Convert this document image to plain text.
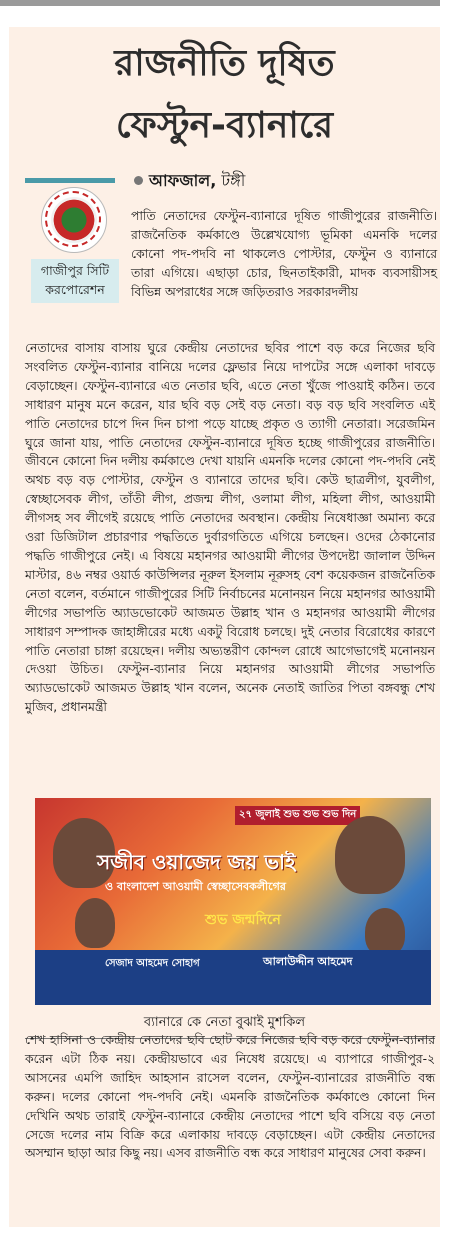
রাজনীতি দূষিত
ফেস্টুন-ব্যানারে
আফজাল, টঙ্গী
গাজীপুর সিটি করপোরেশন

পাতি নেতাদের ফেস্টুন-ব্যানারে দূষিত গাজীপুরের রাজনীতি। রাজনৈতিক কর্মকাণ্ডে উল্লেখযোগ্য ভূমিকা এমনকি দলের কোনো পদ-পদবি না থাকলেও পোস্টার, ফেস্টুন ও ব্যানারে তারা এগিয়ে। এছাড়া চোর, ছিনতাইকারী, মাদক ব্যবসায়ীসহ বিভিন্ন অপরাধের সঙ্গে জড়িতরাও সরকারদলীয়

নেতাদের বাসায় বাসায় ঘুরে কেন্দ্রীয় নেতাদের ছবির পাশে বড় করে নিজের ছবি সংবলিত ফেস্টুন-ব্যানার বানিয়ে দলের ফ্লেভার নিয়ে দাপটের সঙ্গে এলাকা দাবড়ে বেড়াচ্ছেন। ফেস্টুন-ব্যানারে এত নেতার ছবি, এতে নেতা খুঁজে পাওয়াই কঠিন। তবে সাধারণ মানুষ মনে করেন, যার ছবি বড় সেই বড় নেতা। বড় বড় ছবি সংবলিত এই পাতি নেতাদের চাপে দিন দিন চাপা পড়ে যাচ্ছে প্রকৃত ও ত্যাগী নেতারা। সরেজমিন ঘুরে জানা যায়, পাতি নেতাদের ফেস্টুন-ব্যানারে দূষিত হচ্ছে গাজীপুরের রাজনীতি। জীবনে কোনো দিন দলীয় কর্মকাণ্ডে দেখা যায়নি এমনকি দলের কোনো পদ-পদবি নেই অথচ বড় বড় পোস্টার, ফেস্টুন ও ব্যানারে তাদের ছবি। কেউ ছাত্রলীগ, যুবলীগ, স্বেচ্ছাসেবক লীগ, তাঁতী লীগ, প্রজন্ম লীগ, ওলামা লীগ, মহিলা লীগ, আওয়ামী লীগসহ সব লীগেই রয়েছে পাতি নেতাদের অবস্থান। কেন্দ্রীয় নিষেধাজ্ঞা অমান্য করে ওরা ডিজিটাল প্রচারণার পদ্ধতিতে দুর্বারগতিতে এগিয়ে চলছেন। ওদের ঠেকানোর পদ্ধতি গাজীপুরে নেই। এ বিষয়ে মহানগর আওয়ামী লীগের উপদেষ্টা জালাল উদ্দিন মাস্টার, ৪৬ নম্বর ওয়ার্ড কাউন্সিলর নূরুল ইসলাম নূরুসহ বেশ কয়েকজন রাজনৈতিক নেতা বলেন, বর্তমানে গাজীপুরের সিটি নির্বাচনের মনোনয়ন নিয়ে মহানগর আওয়ামী লীগের সভাপতি অ্যাডভোকেট আজমত উল্লাহ খান ও মহানগর আওয়ামী লীগের সাধারণ সম্পাদক জাহাঙ্গীরের মধ্যে একটু বিরোধ চলছে। দুই নেতার বিরোধের কারণে পাতি নেতারা চাঙ্গা রয়েছেন। দলীয় অভ্যন্তরীণ কোন্দল রোধে আগেভাগেই মনোনয়ন দেওয়া উচিত। ফেস্টুন-ব্যানার নিয়ে মহানগর আওয়ামী লীগের সভাপতি অ্যাডভোকেট আজমত উল্লাহ খান বলেন, অনেক নেতাই জাতির পিতা বঙ্গবন্ধু শেখ মুজিব, প্রধানমন্ত্রী

২৭ জুলাই শুভ শুভ শুভ দিন
সজীব ওয়াজেদ জয় ভাই
ও বাংলাদেশ আওয়ামী স্বেচ্ছাসেবকলীগের
শুভ জন্মদিনে
সেজাদ আহমেদ সোহাগ	আলাউদ্দীন আহমেদ
ব্যানারে কে নেতা বুঝাই মুশকিল

শেখ হাসিনা ও কেন্দ্রীয় নেতাদের ছবি ছোট করে নিজের ছবি বড় করে ফেস্টুন-ব্যানার করেন এটা ঠিক নয়। কেন্দ্রীয়ভাবে এর নিষেধ রয়েছে। এ ব্যাপারে গাজীপুর-২ আসনের এমপি জাহিদ আহসান রাসেল বলেন, ফেস্টুন-ব্যানারের রাজনীতি বন্ধ করুন। দলের কোনো পদ-পদবি নেই। এমনকি রাজনৈতিক কর্মকাণ্ডে কোনো দিন দেখিনি অথচ তারাই ফেস্টুন-ব্যানারে কেন্দ্রীয় নেতাদের পাশে ছবি বসিয়ে বড় নেতা সেজে দলের নাম বিক্রি করে এলাকায় দাবড়ে বেড়াচ্ছেন। এটা কেন্দ্রীয় নেতাদের অসম্মান ছাড়া আর কিছু নয়। এসব রাজনীতি বন্ধ করে সাধারণ মানুষের সেবা করুন।
